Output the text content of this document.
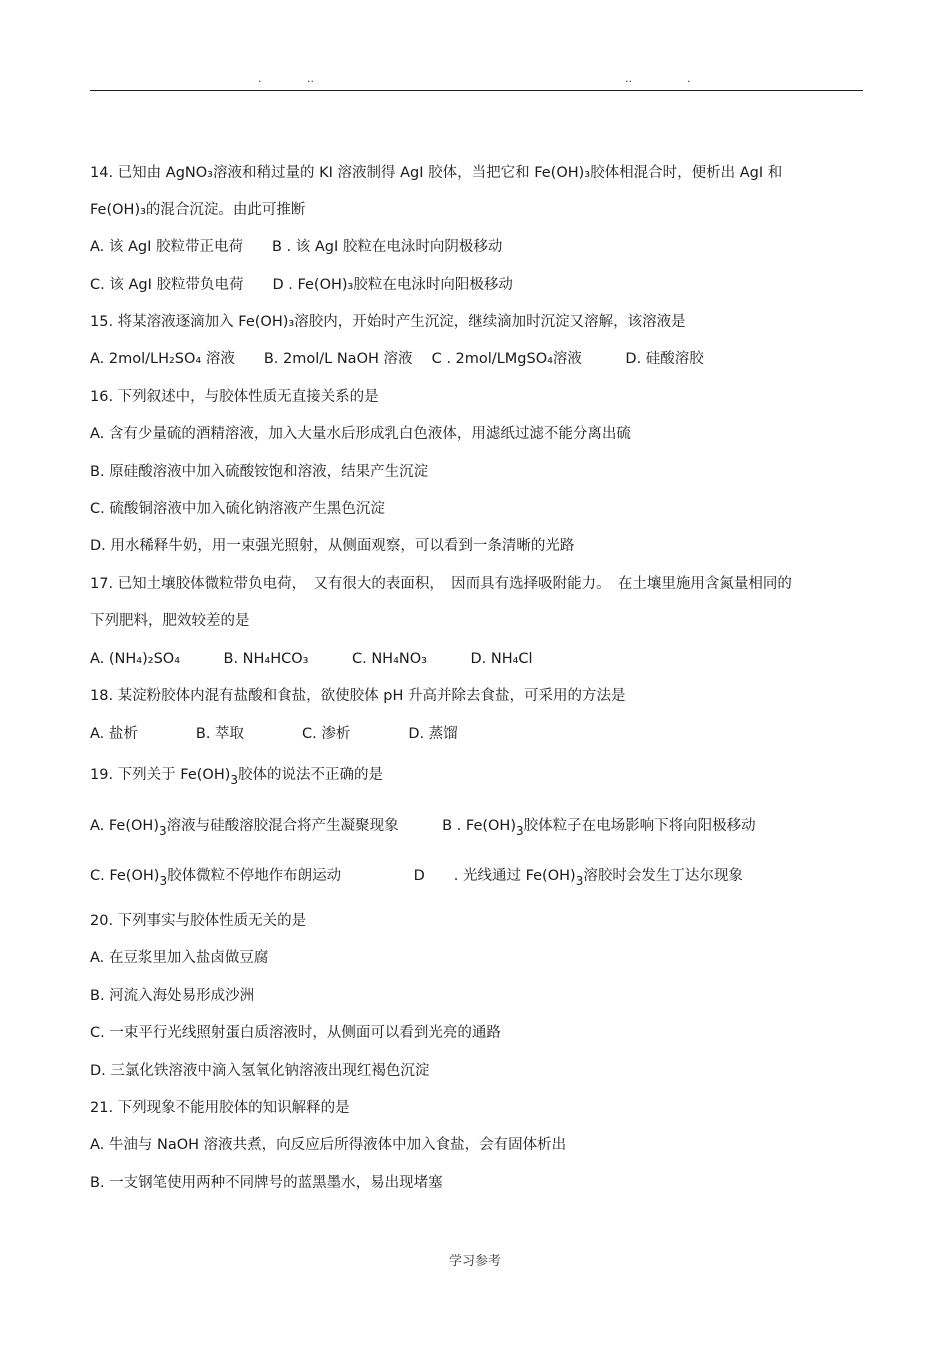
.	..	..	.
14. 已知由 AgNO₃溶液和稍过量的 KI 溶液制得 AgI 胶体，当把它和 Fe(OH)₃胶体相混合时，便析出 AgI 和
Fe(OH)₃的混合沉淀。由此可推断
A. 该 AgI 胶粒带正电荷　　B . 该 AgI 胶粒在电泳时向阴极移动
C. 该 AgI 胶粒带负电荷　　D . Fe(OH)₃胶粒在电泳时向阳极移动
15. 将某溶液逐滴加入 Fe(OH)₃溶胶内，开始时产生沉淀，继续滴加时沉淀又溶解，该溶液是
A. 2mol/LH₂SO₄ 溶液　　B. 2mol/L NaOH 溶液　 C . 2mol/LMgSO₄溶液　　　D. 硅酸溶胶
16. 下列叙述中，与胶体性质无直接关系的是
A. 含有少量硫的酒精溶液，加入大量水后形成乳白色液体，用滤纸过滤不能分离出硫
B. 原硅酸溶液中加入硫酸铵饱和溶液，结果产生沉淀
C. 硫酸铜溶液中加入硫化钠溶液产生黑色沉淀
D. 用水稀释牛奶，用一束强光照射，从侧面观察，可以看到一条清晰的光路
17. 已知土壤胶体微粒带负电荷，　又有很大的表面积，　因而具有选择吸附能力。　在土壤里施用含氮量相同的
下列肥料，肥效较差的是
A. (NH₄)₂SO₄　　　B. NH₄HCO₃　　　C. NH₄NO₃　　　D. NH₄Cl
18. 某淀粉胶体内混有盐酸和食盐，欲使胶体 pH 升高并除去食盐，可采用的方法是
A. 盐析　　　　B. 萃取　　　　C. 渗析　　　　D. 蒸馏
19. 下列关于 $Fe(OH)_3$胶体的说法不正确的是
A. $Fe(OH)_3$溶液与硅酸溶胶混合将产生凝聚现象　　　B . $Fe(OH)_3$胶体粒子在电场影响下将向阳极移动
C. $Fe(OH)_3$胶体微粒不停地作布朗运动　　　　　D　　. 光线通过 $Fe(OH)_3$溶胶时会发生丁达尔现象
20. 下列事实与胶体性质无关的是
A. 在豆浆里加入盐卤做豆腐
B. 河流入海处易形成沙洲
C. 一束平行光线照射蛋白质溶液时，从侧面可以看到光亮的通路
D. 三氯化铁溶液中滴入氢氧化钠溶液出现红褐色沉淀
21. 下列现象不能用胶体的知识解释的是
A. 牛油与 NaOH 溶液共煮，向反应后所得液体中加入食盐，会有固体析出
B. 一支钢笔使用两种不同牌号的蓝黑墨水，易出现堵塞
学习参考
